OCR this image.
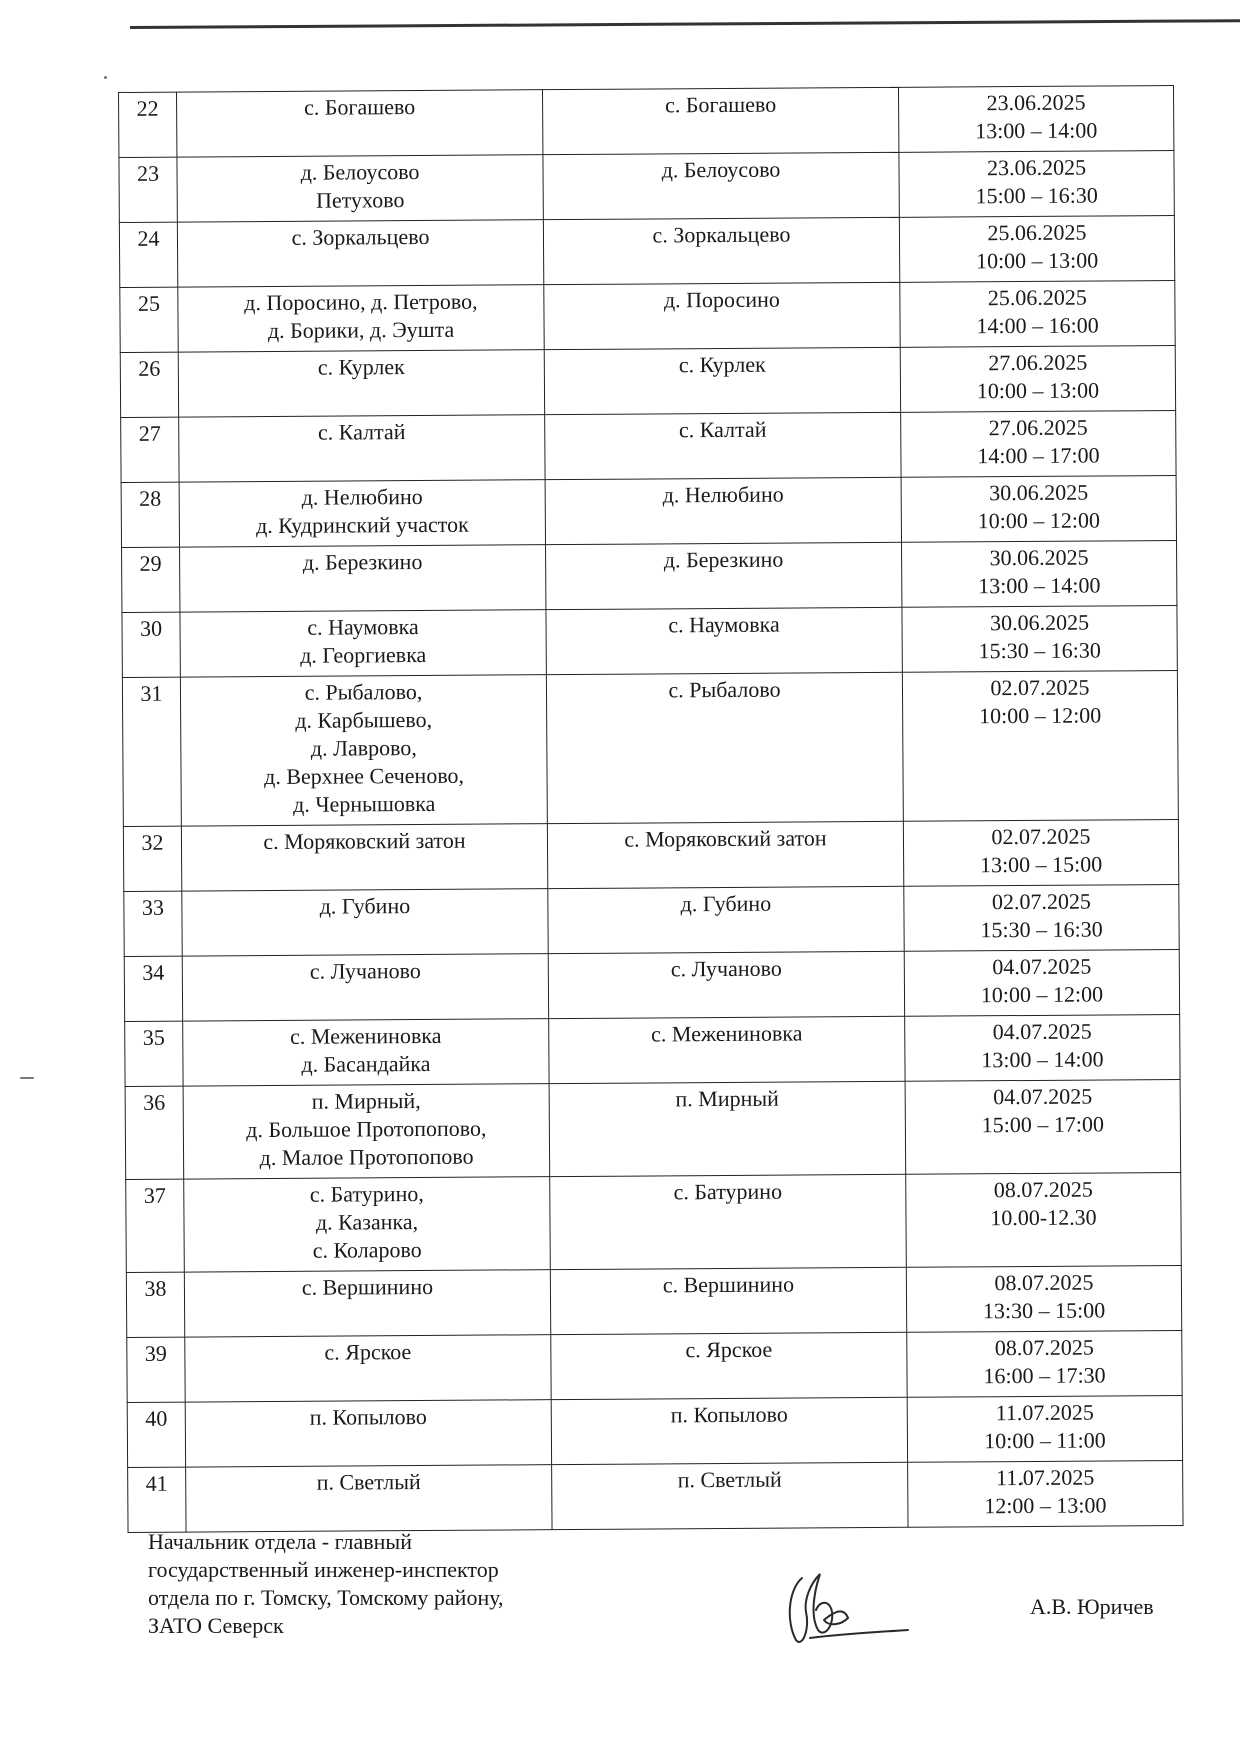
22	с. Богашево	с. Богашево	23.06.2025
13:00 – 14:00

23	д. Белоусово
Петухово	д. Белоусово	23.06.2025
15:00 – 16:30

24	с. Зоркальцево	с. Зоркальцево	25.06.2025
10:00 – 13:00

25	д. Поросино, д. Петрово,
д. Борики, д. Эушта	д. Поросино	25.06.2025
14:00 – 16:00

26	с. Курлек	с. Курлек	27.06.2025
10:00 – 13:00

27	с. Калтай	с. Калтай	27.06.2025
14:00 – 17:00

28	д. Нелюбино
д. Кудринский участок	д. Нелюбино	30.06.2025
10:00 – 12:00

29	д. Березкино	д. Березкино	30.06.2025
13:00 – 14:00

30	с. Наумовка
д. Георгиевка	с. Наумовка	30.06.2025
15:30 – 16:30

31	с. Рыбалово,
д. Карбышево,
д. Лаврово,
д. Верхнее Сеченово,
д. Чернышовка	с. Рыбалово	02.07.2025
10:00 – 12:00

32	с. Моряковский затон	с. Моряковский затон	02.07.2025
13:00 – 15:00

33	д. Губино	д. Губино	02.07.2025
15:30 – 16:30

34	с. Лучаново	с. Лучаново	04.07.2025
10:00 – 12:00

35	с. Межениновка
д. Басандайка	с. Межениновка	04.07.2025
13:00 – 14:00

36	п. Мирный,
д. Большое Протопопово,
д. Малое Протопопово	п. Мирный	04.07.2025
15:00 – 17:00

37	с. Батурино,
д. Казанка,
с. Коларово	с. Батурино	08.07.2025
10.00-12.30

38	с. Вершинино	с. Вершинино	08.07.2025
13:30 – 15:00

39	с. Ярское	с. Ярское	08.07.2025
16:00 – 17:30

40	п. Копылово	п. Копылово	11.07.2025
10:00 – 11:00

41	п. Светлый	п. Светлый	11.07.2025
12:00 – 13:00
Начальник отдела - главный
государственный инженер-инспектор
отдела по г. Томску, Томскому району,
ЗАТО Северск
А.В. Юричев
